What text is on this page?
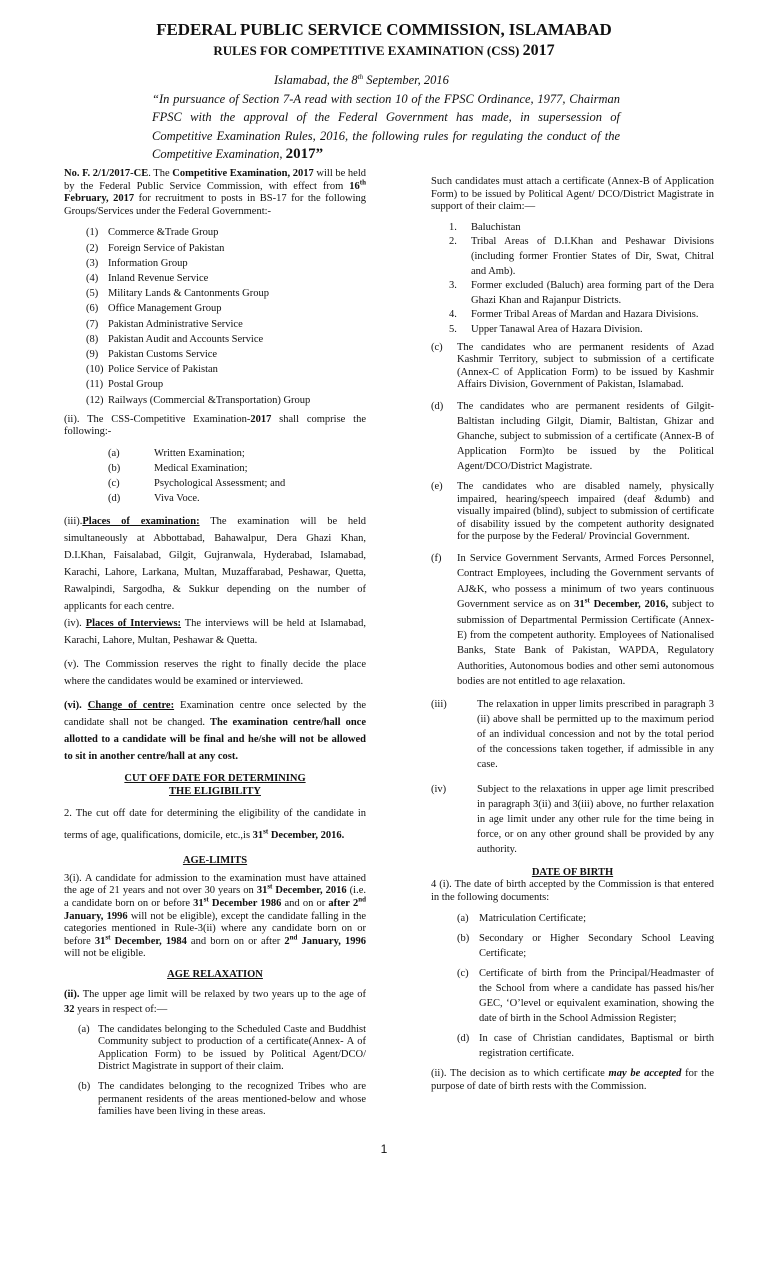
FEDERAL PUBLIC SERVICE COMMISSION, ISLAMABAD
RULES FOR COMPETITIVE EXAMINATION (CSS) 2017
Islamabad, the 8th September, 2016
“In pursuance of Section 7-A read with section 10 of the FPSC Ordinance, 1977, Chairman FPSC with the approval of the Federal Government has made, in supersession of Competitive Examination Rules, 2016, the following rules for regulating the conduct of the Competitive Examination, 2017”

No. F. 2/1/2017-CE. The Competitive Examination, 2017 will be held by the Federal Public Service Commission, with effect from 16th February, 2017 for recruitment to posts in BS-17 for the following Groups/Services under the Federal Government:-

(1) Commerce &Trade Group
(2) Foreign Service of Pakistan
(3) Information Group
(4) Inland Revenue Service
(5) Military Lands & Cantonments Group
(6) Office Management Group
(7) Pakistan Administrative Service
(8) Pakistan Audit and Accounts Service
(9) Pakistan Customs Service
(10) Police Service of Pakistan
(11) Postal Group
(12) Railways (Commercial &Transportation) Group

(ii). The CSS-Competitive Examination-2017 shall comprise the following:-

(a)	Written Examination;
(b)	Medical Examination;
(c)	Psychological Assessment; and
(d)	Viva Voce.

(iii).Places of examination: The examination will be held simultaneously at Abbottabad, Bahawalpur, Dera Ghazi Khan, D.I.Khan, Faisalabad, Gilgit, Gujranwala, Hyderabad, Islamabad, Karachi, Lahore, Larkana, Multan, Muzaffarabad, Peshawar, Quetta, Rawalpindi, Sargodha, & Sukkur depending on the number of applicants for each centre.
(iv). Places of Interviews: The interviews will be held at Islamabad, Karachi, Lahore, Multan, Peshawar & Quetta.

(v). The Commission reserves the right to finally decide the place where the candidates would be examined or interviewed.

(vi). Change of centre: Examination centre once selected by the candidate shall not be changed. The examination centre/hall once allotted to a candidate will be final and he/she will not be allowed to sit in another centre/hall at any cost.

CUT OFF DATE FOR DETERMINING
THE ELIGIBILITY

2. The cut off date for determining the eligibility of the candidate in terms of age, qualifications, domicile, etc.,is 31st December, 2016.

AGE-LIMITS

3(i). A candidate for admission to the examination must have attained the age of 21 years and not over 30 years on 31st December, 2016 (i.e. a candidate born on or before 31st December 1986 and on or after 2nd January, 1996 will not be eligible), except the candidate falling in the categories mentioned in Rule-3(ii) where any candidate born on or before 31st December, 1984 and born on or after 2nd January, 1996 will not be eligible.

AGE RELAXATION

(ii). The upper age limit will be relaxed by two years up to the age of 32 years in respect of:—

(a) The candidates belonging to the Scheduled Caste and Buddhist Community subject to production of a certificate(Annex- A of Application Form) to be issued by Political Agent/DCO/ District Magistrate in support of their claim.
(b) The candidates belonging to the recognized Tribes who are permanent residents of the areas mentioned-below and whose families have been living in these areas.

Such candidates must attach a certificate (Annex-B of Application Form) to be issued by Political Agent/ DCO/District Magistrate in support of their claim:—

1.	Baluchistan
2.	Tribal Areas of D.I.Khan and Peshawar Divisions (including former Frontier States of Dir, Swat, Chitral and Amb).
3.	Former excluded (Baluch) area forming part of the Dera Ghazi Khan and Rajanpur Districts.
4.	Former Tribal Areas of Mardan and Hazara Divisions.
5.	Upper Tanawal Area of Hazara Division.
(c)	The candidates who are permanent residents of Azad Kashmir Territory, subject to submission of a certificate (Annex-C of Application Form) to be issued by Kashmir Affairs Division, Government of Pakistan, Islamabad.
(d)	The candidates who are permanent residents of Gilgit-Baltistan including Gilgit, Diamir, Baltistan, Ghizar and Ghanche, subject to submission of a certificate (Annex-B of Application Form)to be issued by the Political Agent/DCO/District Magistrate.
(e)	The candidates who are disabled namely, physically impaired, hearing/speech impaired (deaf &dumb) and visually impaired (blind), subject to submission of certificate of disability issued by the competent authority designated for the purpose by the Federal/ Provincial Government.
(f)	In Service Government Servants, Armed Forces Personnel, Contract Employees, including the Government servants of AJ&K, who possess a minimum of two years continuous Government service as on 31st December, 2016, subject to submission of Departmental Permission Certificate (Annex-E) from the competent authority. Employees of Nationalised Banks, State Bank of Pakistan, WAPDA, Regulatory Authorities, Autonomous bodies and other semi autonomous bodies are not entitled to age relaxation.
(iii)	The relaxation in upper limits prescribed in paragraph 3 (ii) above shall be permitted up to the maximum period of an individual concession and not by the total period of the concessions taken together, if admissible in any case.
(iv)	Subject to the relaxations in upper age limit prescribed in paragraph 3(ii) and 3(iii) above, no further relaxation in age limit under any other rule for the time being in force, or on any other ground shall be provided by any authority.
DATE OF BIRTH

4 (i). The date of birth accepted by the Commission is that entered in the following documents:

(a) Matriculation Certificate;
(b) Secondary or Higher Secondary School Leaving Certificate;
(c) Certificate of birth from the Principal/Headmaster of the School from where a candidate has passed his/her GEC, ‘O’level or equivalent examination, showing the date of birth in the School Admission Register;
(d) In case of Christian candidates, Baptismal or birth registration certificate.

(ii). The decision as to which certificate may be accepted for the purpose of date of birth rests with the Commission.

1
